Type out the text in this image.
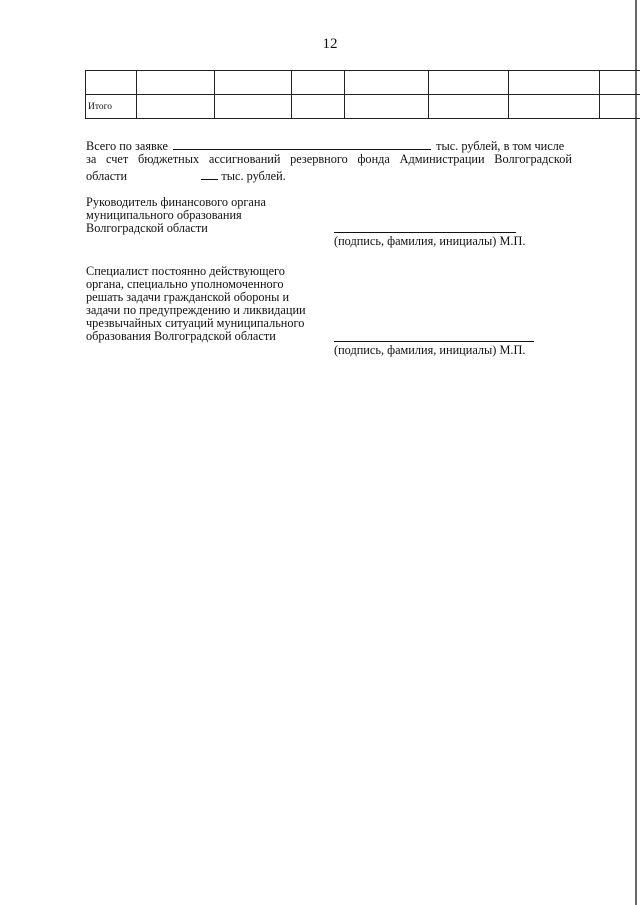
12

Итого							
Всего по заявке	тыс. рублей, в том числе
за счет бюджетных ассигнований резервного фонда Администрации Волгоградской
области	тыс. рублей.
Руководитель финансового органа
муниципального образования
Волгоградской области
(подпись, фамилия, инициалы) М.П.
Специалист постоянно действующего
органа, специально уполномоченного
решать задачи гражданской обороны и
задачи по предупреждению и ликвидации
чрезвычайных ситуаций муниципального
образования Волгоградской области
(подпись, фамилия, инициалы) М.П.
